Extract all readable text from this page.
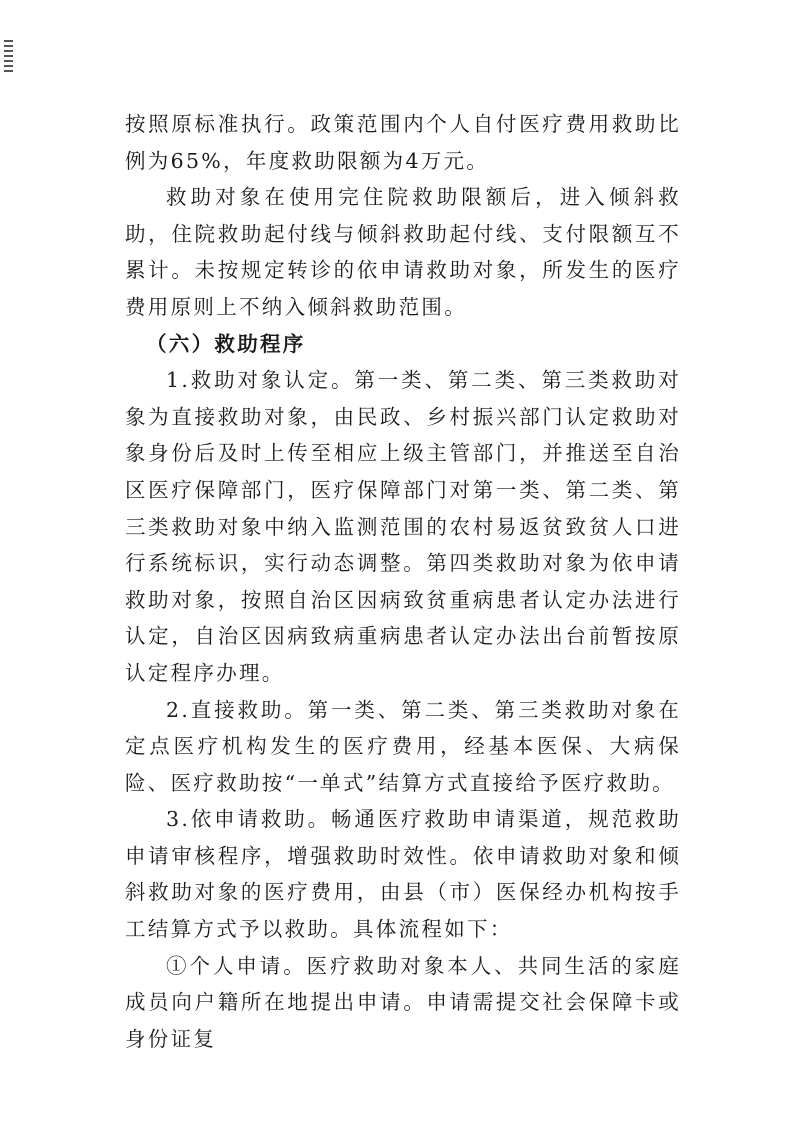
按照原标准执行。政策范围内个人自付医疗费用救助比例为65%，年度救助限额为4万元。

救助对象在使用完住院救助限额后，进入倾斜救助，住院救助起付线与倾斜救助起付线、支付限额互不累计。未按规定转诊的依申请救助对象，所发生的医疗费用原则上不纳入倾斜救助范围。

（六）救助程序

1.救助对象认定。第一类、第二类、第三类救助对象为直接救助对象，由民政、乡村振兴部门认定救助对象身份后及时上传至相应上级主管部门，并推送至自治区医疗保障部门，医疗保障部门对第一类、第二类、第三类救助对象中纳入监测范围的农村易返贫致贫人口进行系统标识，实行动态调整。第四类救助对象为依申请救助对象，按照自治区因病致贫重病患者认定办法进行认定，自治区因病致病重病患者认定办法出台前暂按原认定程序办理。

2.直接救助。第一类、第二类、第三类救助对象在定点医疗机构发生的医疗费用，经基本医保、大病保险、医疗救助按“一单式”结算方式直接给予医疗救助。

3.依申请救助。畅通医疗救助申请渠道，规范救助申请审核程序，增强救助时效性。依申请救助对象和倾斜救助对象的医疗费用，由县（市）医保经办机构按手工结算方式予以救助。具体流程如下：

①个人申请。医疗救助对象本人、共同生活的家庭成员向户籍所在地提出申请。申请需提交社会保障卡或身份证复
